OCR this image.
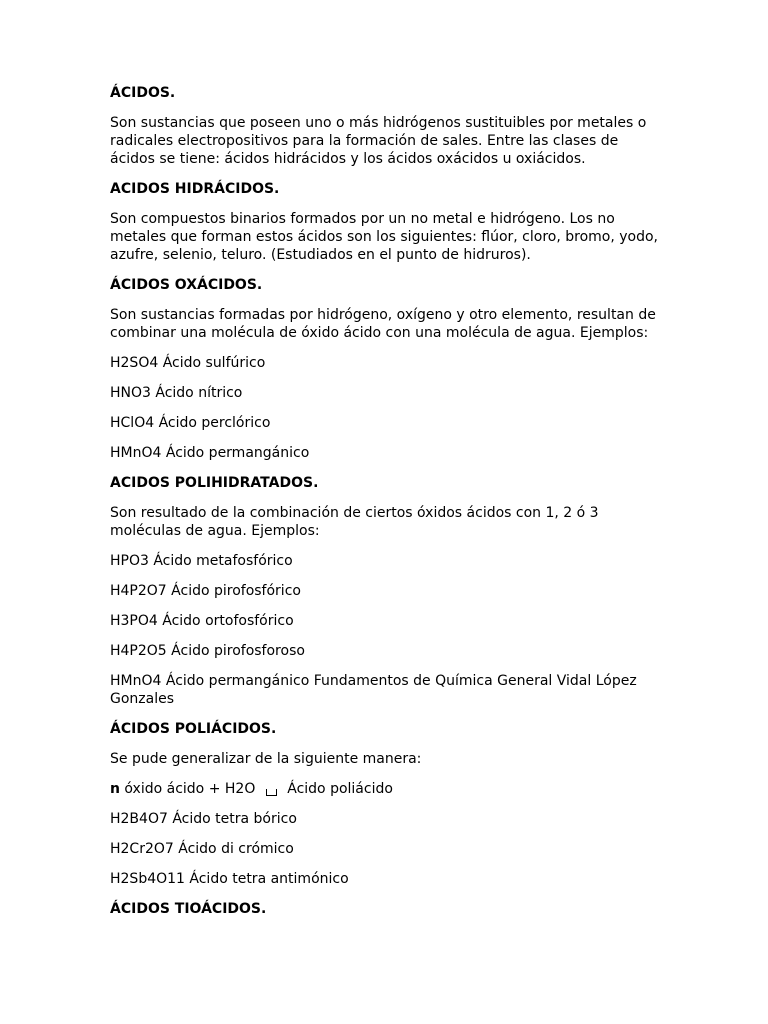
ÁCIDOS.

Son sustancias que poseen uno o más hidrógenos sustituibles por metales o radicales electropositivos para la formación de sales. Entre las clases de ácidos se tiene: ácidos hidrácidos y los ácidos oxácidos u oxiácidos.

ACIDOS HIDRÁCIDOS.

Son compuestos binarios formados por un no metal e hidrógeno. Los no metales que forman estos ácidos son los siguientes: flúor, cloro, bromo, yodo, azufre, selenio, teluro. (Estudiados en el punto de hidruros).

ÁCIDOS OXÁCIDOS.

Son sustancias formadas por hidrógeno, oxígeno y otro elemento, resultan de combinar una molécula de óxido ácido con una molécula de agua. Ejemplos:

H2SO4 Ácido sulfúrico

HNO3 Ácido nítrico

HClO4 Ácido perclórico

HMnO4 Ácido permangánico

ACIDOS POLIHIDRATADOS.

Son resultado de la combinación de ciertos óxidos ácidos con 1, 2 ó 3 moléculas de agua. Ejemplos:

HPO3 Ácido metafosfórico

H4P2O7 Ácido pirofosfórico

H3PO4 Ácido ortofosfórico

H4P2O5 Ácido pirofosforoso

HMnO4 Ácido permangánico Fundamentos de Química General Vidal López Gonzales

ÁCIDOS POLIÁCIDOS.

Se pude generalizar de la siguiente manera:

n óxido ácido + H2O Ácido poliácido

H2B4O7 Ácido tetra bórico

H2Cr2O7 Ácido di crómico

H2Sb4O11 Ácido tetra antimónico

ÁCIDOS TIOÁCIDOS.
